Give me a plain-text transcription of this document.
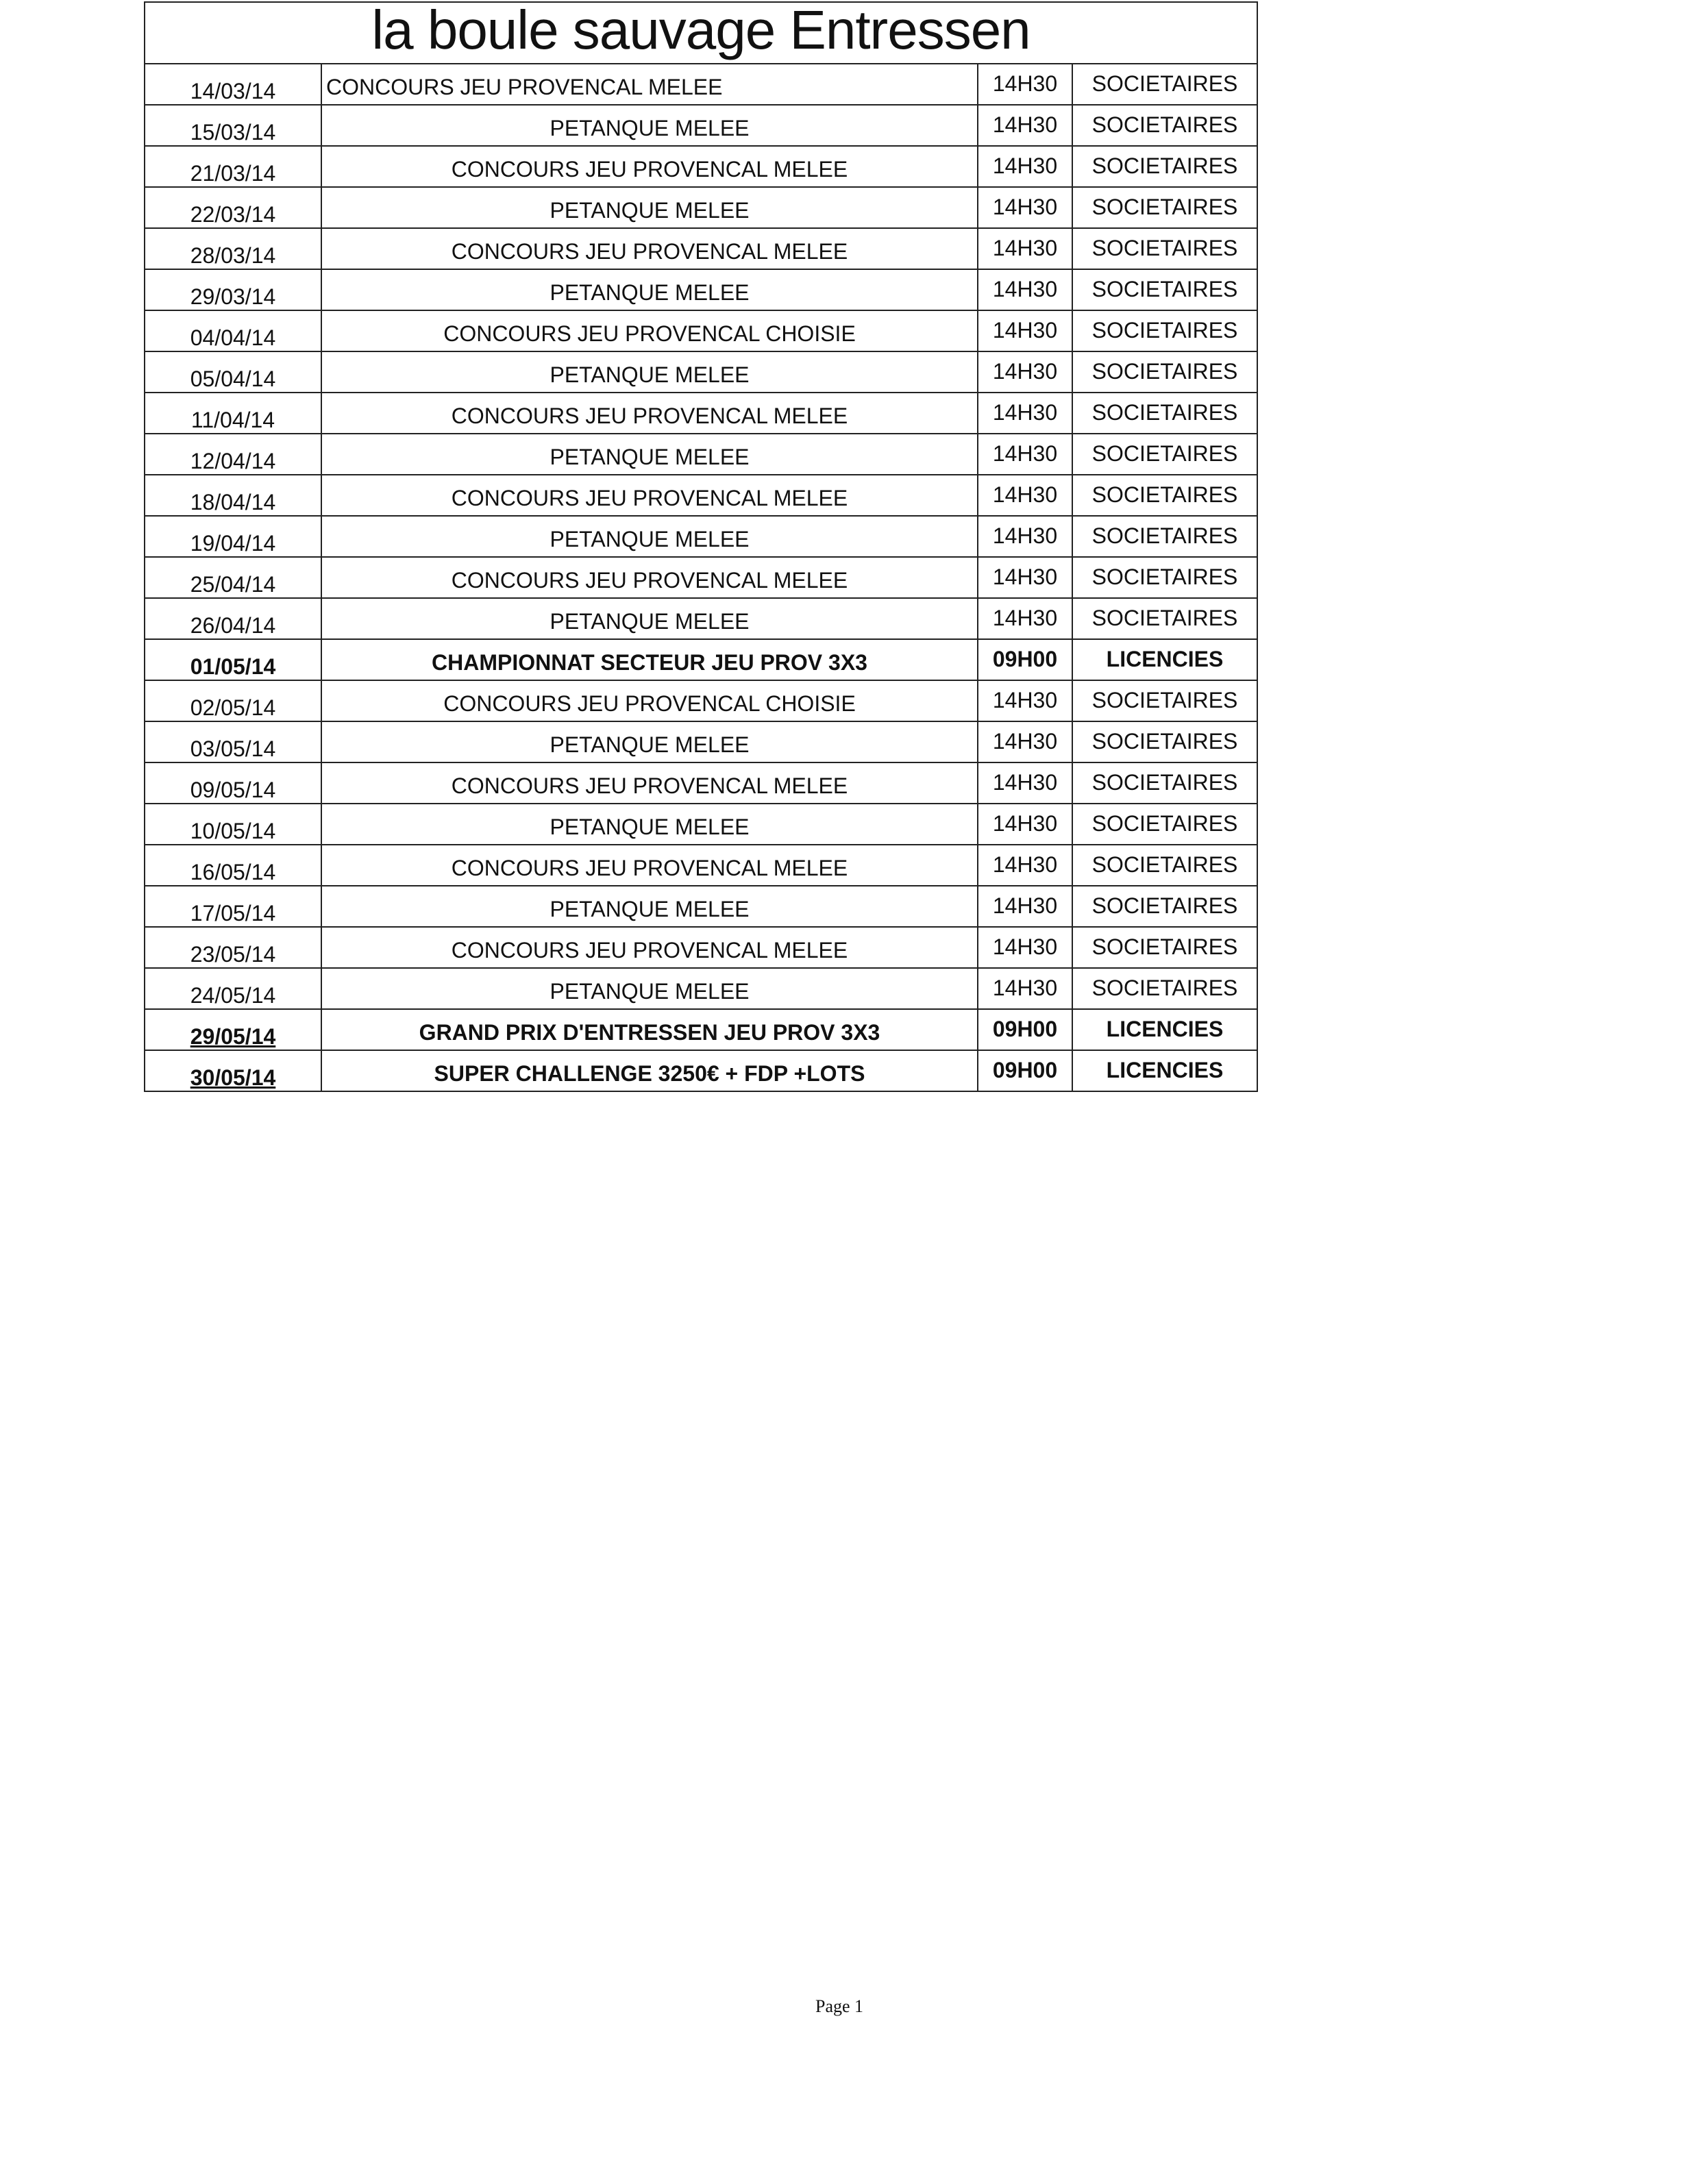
la boule sauvage Entressen
14/03/14 CONCOURS JEU PROVENCAL MELEE	14H30	SOCIETAIRES
15/03/14	PETANQUE MELEE	14H30	SOCIETAIRES
21/03/14	CONCOURS JEU PROVENCAL MELEE	14H30	SOCIETAIRES
22/03/14	PETANQUE MELEE	14H30	SOCIETAIRES
28/03/14	CONCOURS JEU PROVENCAL MELEE	14H30	SOCIETAIRES
29/03/14	PETANQUE MELEE	14H30	SOCIETAIRES
04/04/14	CONCOURS JEU PROVENCAL CHOISIE	14H30	SOCIETAIRES
05/04/14	PETANQUE MELEE	14H30	SOCIETAIRES
11/04/14	CONCOURS JEU PROVENCAL MELEE	14H30	SOCIETAIRES
12/04/14	PETANQUE MELEE	14H30	SOCIETAIRES
18/04/14	CONCOURS JEU PROVENCAL MELEE	14H30	SOCIETAIRES
19/04/14	PETANQUE MELEE	14H30	SOCIETAIRES
25/04/14	CONCOURS JEU PROVENCAL MELEE	14H30	SOCIETAIRES
26/04/14	PETANQUE MELEE	14H30	SOCIETAIRES
01/05/14	CHAMPIONNAT SECTEUR JEU PROV 3X3	09H00	LICENCIES
02/05/14	CONCOURS JEU PROVENCAL CHOISIE	14H30	SOCIETAIRES
03/05/14	PETANQUE MELEE	14H30	SOCIETAIRES
09/05/14	CONCOURS JEU PROVENCAL MELEE	14H30	SOCIETAIRES
10/05/14	PETANQUE MELEE	14H30	SOCIETAIRES
16/05/14	CONCOURS JEU PROVENCAL MELEE	14H30	SOCIETAIRES
17/05/14	PETANQUE MELEE	14H30	SOCIETAIRES
23/05/14	CONCOURS JEU PROVENCAL MELEE	14H30	SOCIETAIRES
24/05/14	PETANQUE MELEE	14H30	SOCIETAIRES
29/05/14	GRAND PRIX D'ENTRESSEN JEU PROV 3X3	09H00	LICENCIES
30/05/14	SUPER CHALLENGE 3250€ + FDP +LOTS	09H00	LICENCIES
Page 1
